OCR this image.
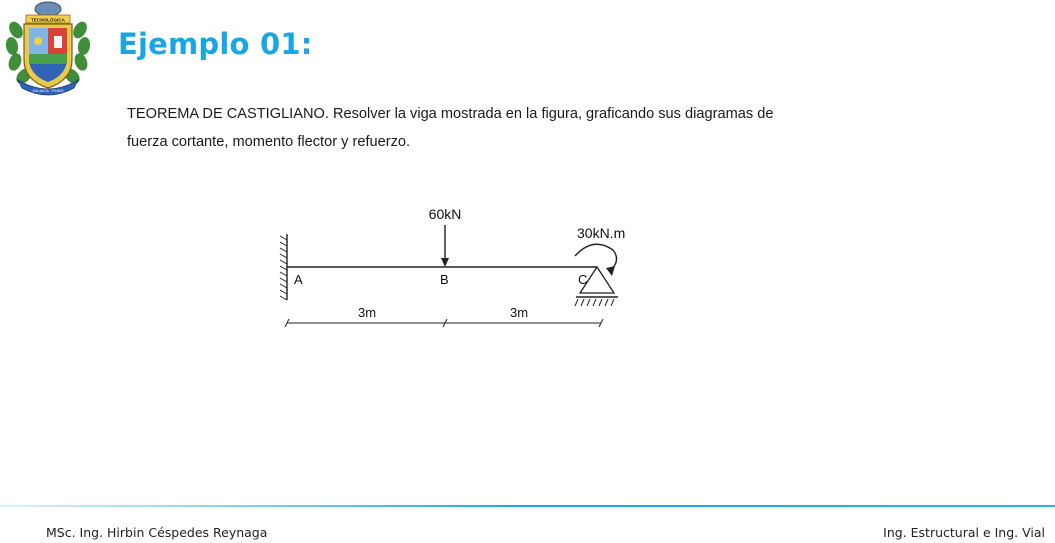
TECNOLÓGICA
JULIACA · PUNO
Ejemplo 01:
TEOREMA DE CASTIGLIANO. Resolver la viga mostrada en la figura, graficando sus diagramas de
fuerza cortante, momento flector y refuerzo.
60kN
A	B	C
30kN.m
3m	3m
MSc. Ing. Hirbin Céspedes Reynaga	Ing. Estructural e Ing. Vial
